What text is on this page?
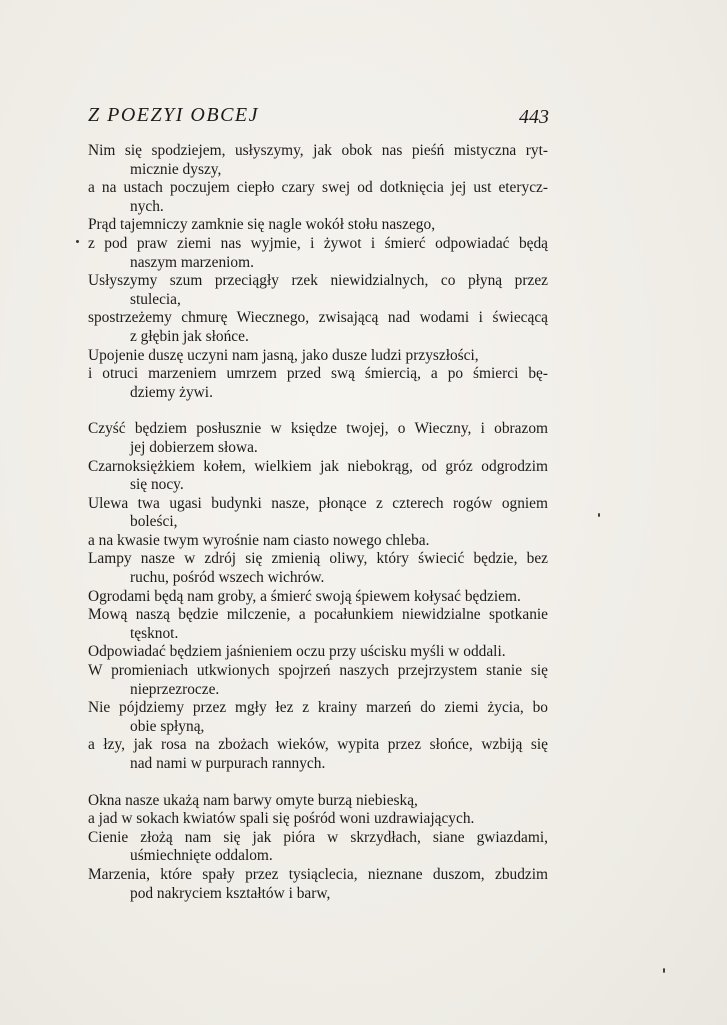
Z POEZYI OBCEJ	443
Nim się spodziejem, usłyszymy, jak obok nas pieśń mistyczna ryt-
micznie dyszy,
a na ustach poczujem ciepło czary swej od dotknięcia jej ust eterycz-
nych.
Prąd tajemniczy zamknie się nagle wokół stołu naszego,
z pod praw ziemi nas wyjmie, i żywot i śmierć odpowiadać będą
naszym marzeniom.
Usłyszymy szum przeciągły rzek niewidzialnych, co płyną przez
stulecia,
spostrzeżemy chmurę Wiecznego, zwisającą nad wodami i świecącą
z głębin jak słońce.
Upojenie duszę uczyni nam jasną, jako dusze ludzi przyszłości,
i otruci marzeniem umrzem przed swą śmiercią, a po śmierci bę-
dziemy żywi.
Czyść będziem posłusznie w księdze twojej, o Wieczny, i obrazom
jej dobierzem słowa.
Czarnoksiężkiem kołem, wielkiem jak niebokrąg, od gróz odgrodzim
się nocy.
Ulewa twa ugasi budynki nasze, płonące z czterech rogów ogniem
boleści,
a na kwasie twym wyrośnie nam ciasto nowego chleba.
Lampy nasze w zdrój się zmienią oliwy, który świecić będzie, bez
ruchu, pośród wszech wichrów.
Ogrodami będą nam groby, a śmierć swoją śpiewem kołysać będziem.
Mową naszą będzie milczenie, a pocałunkiem niewidzialne spotkanie
tęsknot.
Odpowiadać będziem jaśnieniem oczu przy uścisku myśli w oddali.
W promieniach utkwionych spojrzeń naszych przejrzystem stanie się
nieprzezrocze.
Nie pójdziemy przez mgły łez z krainy marzeń do ziemi życia, bo
obie spłyną,
a łzy, jak rosa na zbożach wieków, wypita przez słońce, wzbiją się
nad nami w purpurach rannych.
Okna nasze ukażą nam barwy omyte burzą niebieską,
a jad w sokach kwiatów spali się pośród woni uzdrawiających.
Cienie złożą nam się jak pióra w skrzydłach, siane gwiazdami,
uśmiechnięte oddalom.
Marzenia, które spały przez tysiąclecia, nieznane duszom, zbudzim
pod nakryciem kształtów i barw,
